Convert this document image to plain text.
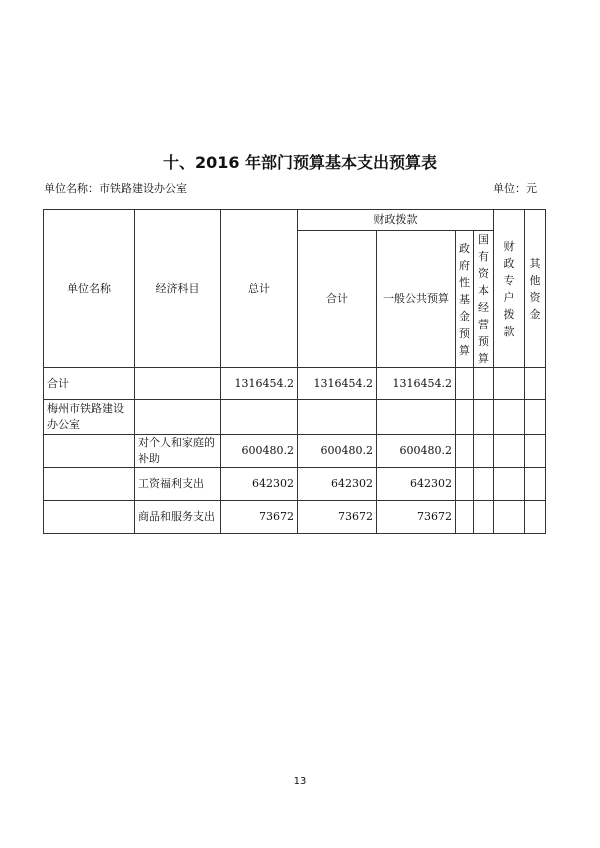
十、2016 年部门预算基本支出预算表
单位名称：市铁路建设办公室	单位：元
单位名称	经济科目	总计	财政拨款				财政专户拨款	其他资金
			合计	一般公共预算	政府性基金预算	国有资本经营预算		
合计		1316454.2	1316454.2	1316454.2				
梅州市铁路建设办公室								
	对个人和家庭的补助	600480.2	600480.2	600480.2				
	工资福利支出	642302	642302	642302				
	商品和服务支出	73672	73672	73672				
13
